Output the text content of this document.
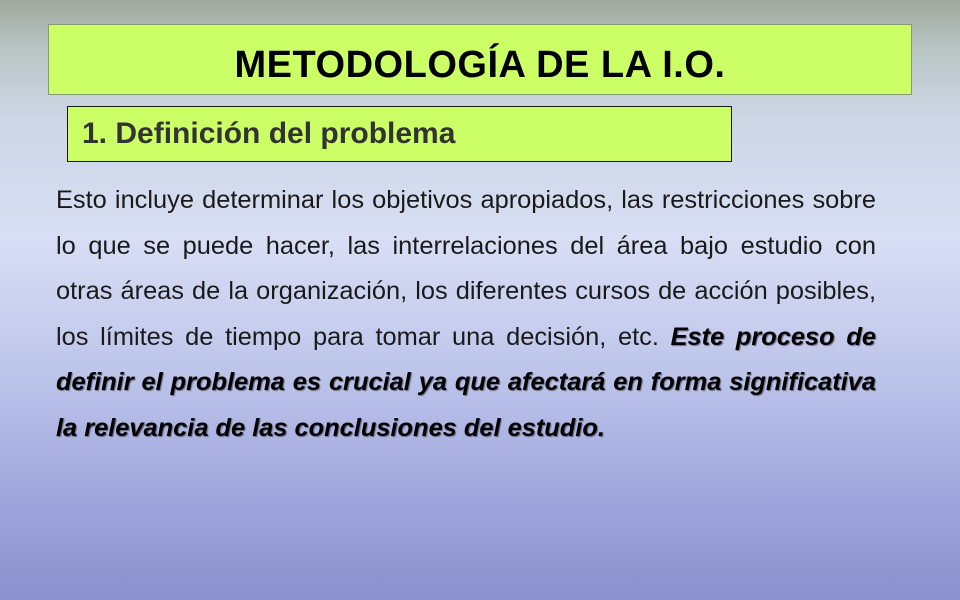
METODOLOGÍA DE LA I.O.
1. Definición del problema

Esto incluye determinar los objetivos apropiados, las restricciones sobre lo que se puede hacer, las interrelaciones del área bajo estudio con otras áreas de la organización, los diferentes cursos de acción posibles, los límites de tiempo para tomar una decisión, etc. Este proceso de definir el problema es crucial ya que afectará en forma significativa la relevancia de las conclusiones del estudio.
